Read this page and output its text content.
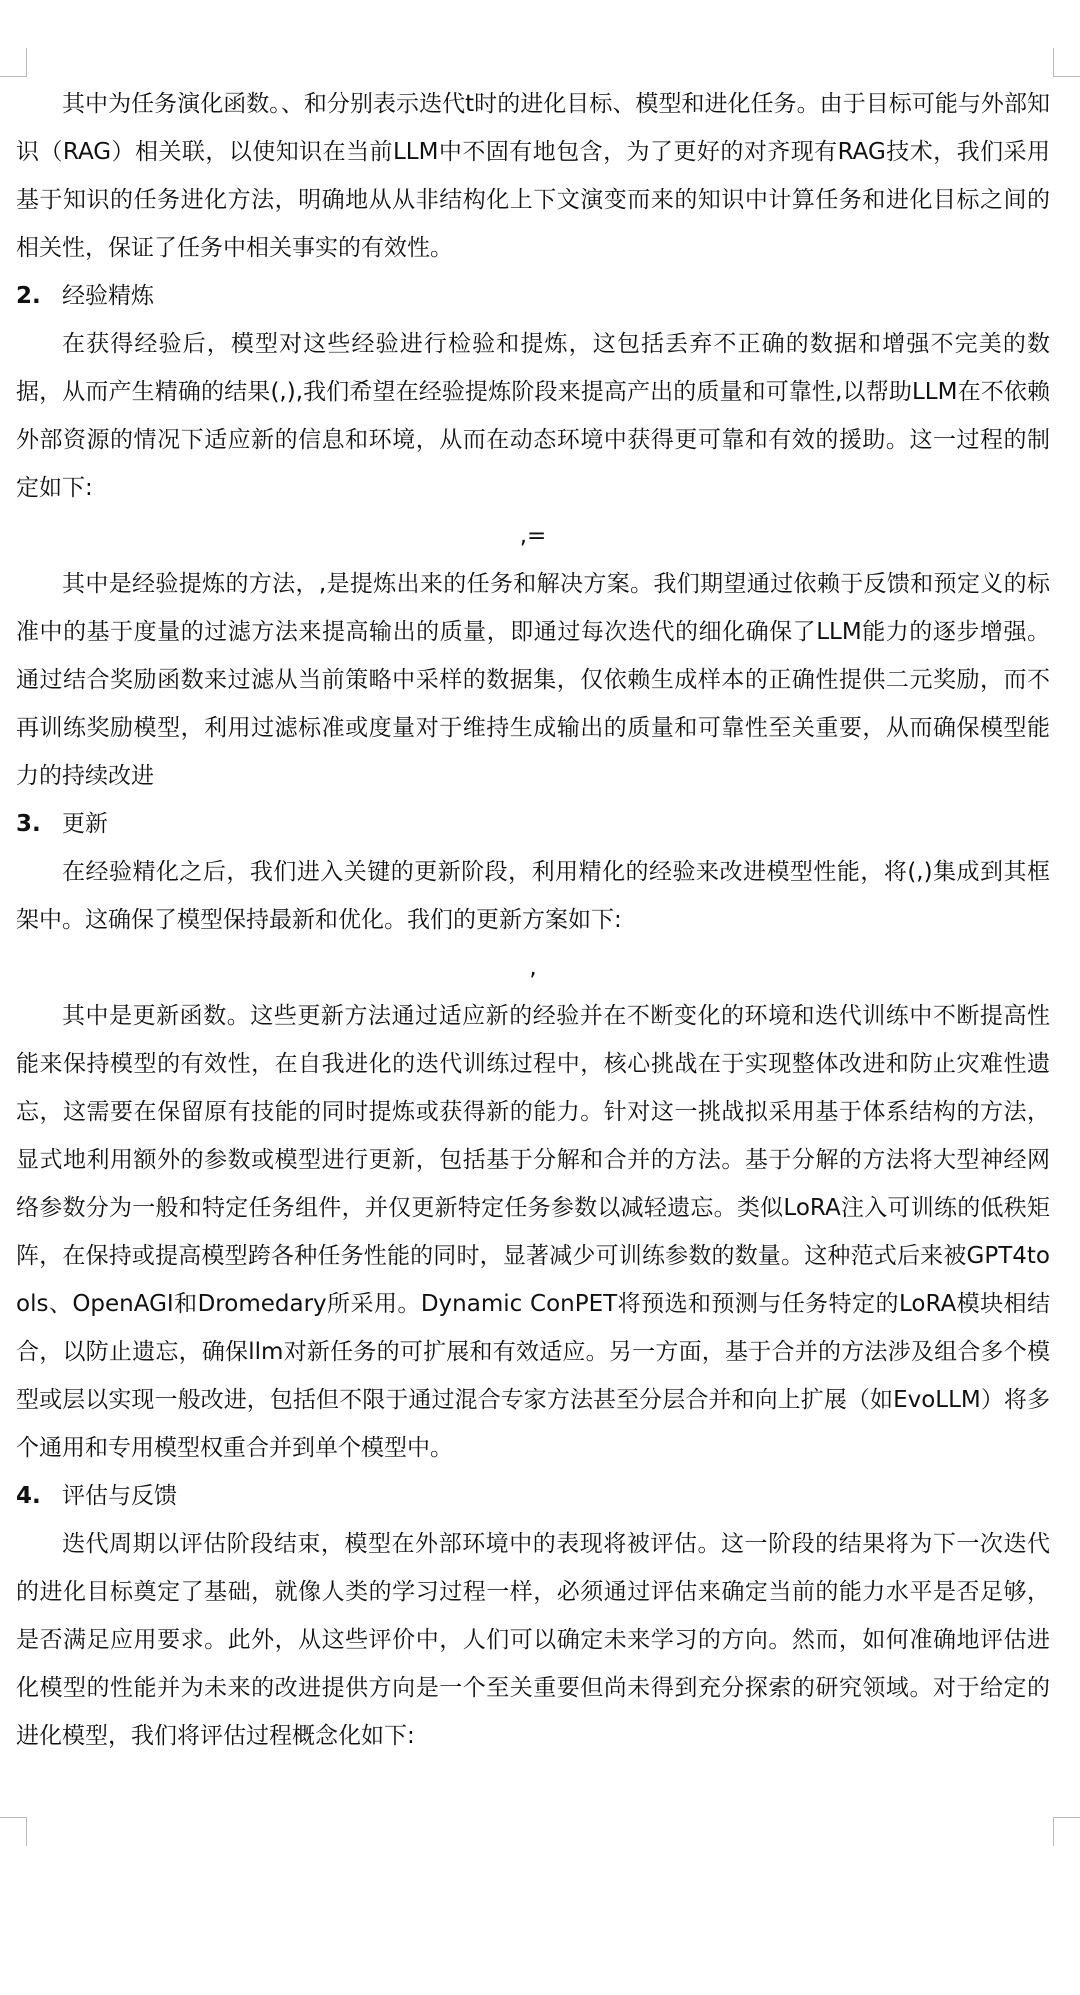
其中为任务演化函数。、和分别表示迭代t时的进化目标、模型和进化任务。由于目标可能与外部知识（RAG）相关联，以使知识在当前LLM中不固有地包含，为了更好的对齐现有RAG技术，我们采用基于知识的任务进化方法，明确地从从非结构化上下文演变而来的知识中计算任务和进化目标之间的相关性，保证了任务中相关事实的有效性。

2. 经验精炼

在获得经验后，模型对这些经验进行检验和提炼，这包括丢弃不正确的数据和增强不完美的数据，从而产生精确的结果(,),我们希望在经验提炼阶段来提高产出的质量和可靠性,以帮助LLM在不依赖外部资源的情况下适应新的信息和环境，从而在动态环境中获得更可靠和有效的援助。这一过程的制定如下:

,=

其中是经验提炼的方法，,是提炼出来的任务和解决方案。我们期望通过依赖于反馈和预定义的标准中的基于度量的过滤方法来提高输出的质量，即通过每次迭代的细化确保了LLM能力的逐步增强。通过结合奖励函数来过滤从当前策略中采样的数据集，仅依赖生成样本的正确性提供二元奖励，而不再训练奖励模型，利用过滤标准或度量对于维持生成输出的质量和可靠性至关重要，从而确保模型能力的持续改进

3. 更新

在经验精化之后，我们进入关键的更新阶段，利用精化的经验来改进模型性能，将(,)集成到其框架中。这确保了模型保持最新和优化。我们的更新方案如下:

,

其中是更新函数。这些更新方法通过适应新的经验并在不断变化的环境和迭代训练中不断提高性能来保持模型的有效性，在自我进化的迭代训练过程中，核心挑战在于实现整体改进和防止灾难性遗忘，这需要在保留原有技能的同时提炼或获得新的能力。针对这一挑战拟采用基于体系结构的方法，显式地利用额外的参数或模型进行更新，包括基于分解和合并的方法。基于分解的方法将大型神经网络参数分为一般和特定任务组件，并仅更新特定任务参数以减轻遗忘。类似LoRA注入可训练的低秩矩阵，在保持或提高模型跨各种任务性能的同时，显著减少可训练参数的数量。这种范式后来被GPT4tools、OpenAGI和Dromedary所采用。Dynamic ConPET将预选和预测与任务特定的LoRA模块相结合，以防止遗忘，确保llm对新任务的可扩展和有效适应。另一方面，基于合并的方法涉及组合多个模型或层以实现一般改进，包括但不限于通过混合专家方法甚至分层合并和向上扩展（如EvoLLM）将多个通用和专用模型权重合并到单个模型中。

4. 评估与反馈

迭代周期以评估阶段结束，模型在外部环境中的表现将被评估。这一阶段的结果将为下一次迭代的进化目标奠定了基础，就像人类的学习过程一样，必须通过评估来确定当前的能力水平是否足够，是否满足应用要求。此外，从这些评价中，人们可以确定未来学习的方向。然而，如何准确地评估进化模型的性能并为未来的改进提供方向是一个至关重要但尚未得到充分探索的研究领域。对于给定的进化模型，我们将评估过程概念化如下:
